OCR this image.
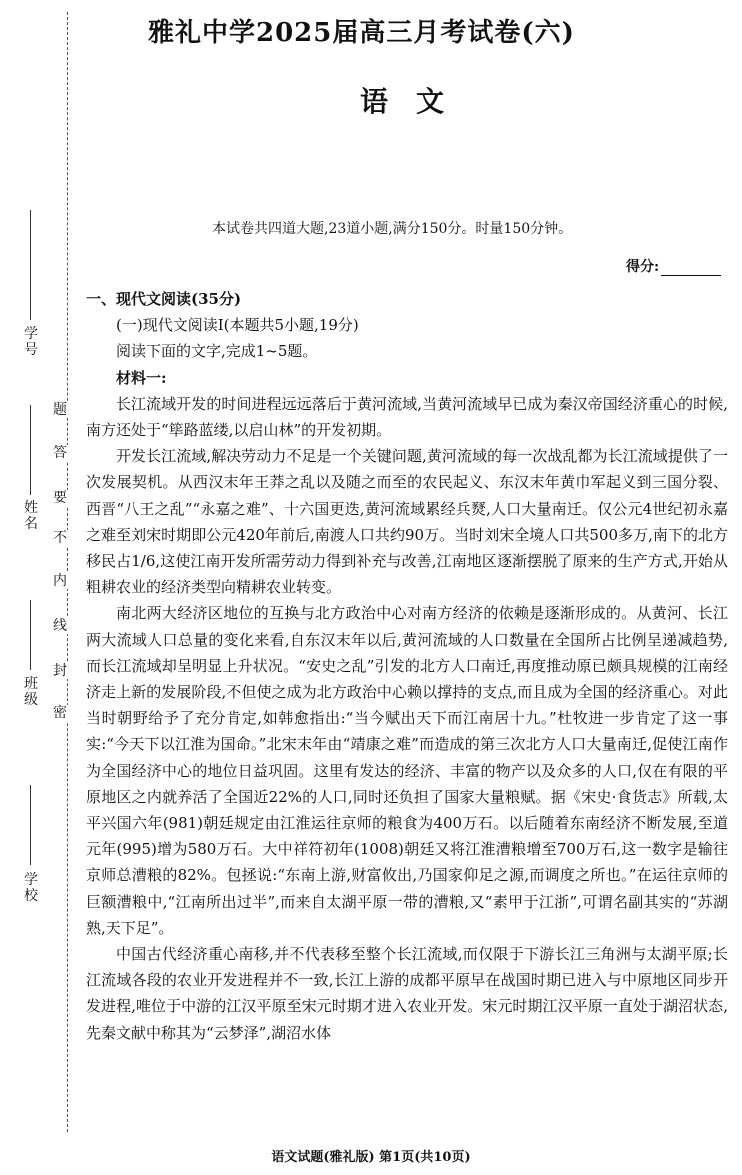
学号
姓名
班级
学校
题
答
要
不
内
线
封
密
雅礼中学2025届高三月考试卷(六)
语文
本试卷共四道大题,23道小题,满分150分。时量150分钟。
得分:

一、现代文阅读(35分)

(一)现代文阅读Ⅰ(本题共5小题,19分)

阅读下面的文字,完成1~5题。

材料一:

长江流域开发的时间进程远远落后于黄河流域,当黄河流域早已成为秦汉帝国经济重心的时候,南方还处于“筚路蓝缕,以启山林”的开发初期。

开发长江流域,解决劳动力不足是一个关键问题,黄河流域的每一次战乱都为长江流域提供了一次发展契机。从西汉末年王莽之乱以及随之而至的农民起义、东汉末年黄巾军起义到三国分裂、西晋“八王之乱”“永嘉之难”、十六国更迭,黄河流域累经兵燹,人口大量南迁。仅公元4世纪初永嘉之难至刘宋时期即公元420年前后,南渡人口共约90万。当时刘宋全境人口共500多万,南下的北方移民占1/6,这使江南开发所需劳动力得到补充与改善,江南地区逐渐摆脱了原来的生产方式,开始从粗耕农业的经济类型向精耕农业转变。

南北两大经济区地位的互换与北方政治中心对南方经济的依赖是逐渐形成的。从黄河、长江两大流域人口总量的变化来看,自东汉末年以后,黄河流域的人口数量在全国所占比例呈递减趋势,而长江流域却呈明显上升状况。“安史之乱”引发的北方人口南迁,再度推动原已颇具规模的江南经济走上新的发展阶段,不但使之成为北方政治中心赖以撑持的支点,而且成为全国的经济重心。对此当时朝野给予了充分肯定,如韩愈指出:“当今赋出天下而江南居十九。”杜牧进一步肯定了这一事实:“今天下以江淮为国命。”北宋末年由“靖康之难”而造成的第三次北方人口大量南迁,促使江南作为全国经济中心的地位日益巩固。这里有发达的经济、丰富的物产以及众多的人口,仅在有限的平原地区之内就养活了全国近22%的人口,同时还负担了国家大量粮赋。据《宋史·食货志》所载,太平兴国六年(981)朝廷规定由江淮运往京师的粮食为400万石。以后随着东南经济不断发展,至道元年(995)增为580万石。大中祥符初年(1008)朝廷又将江淮漕粮增至700万石,这一数字是输往京师总漕粮的82%。包拯说:“东南上游,财富攸出,乃国家仰足之源,而调度之所也。”在运往京师的巨额漕粮中,“江南所出过半”,而来自太湖平原一带的漕粮,又“素甲于江浙”,可谓名副其实的“苏湖熟,天下足”。

中国古代经济重心南移,并不代表移至整个长江流域,而仅限于下游长江三角洲与太湖平原;长江流域各段的农业开发进程并不一致,长江上游的成都平原早在战国时期已进入与中原地区同步开发进程,唯位于中游的江汉平原至宋元时期才进入农业开发。宋元时期江汉平原一直处于湖沼状态,先秦文献中称其为“云梦泽”,湖沼水体

语文试题(雅礼版) 第1页(共10页)
